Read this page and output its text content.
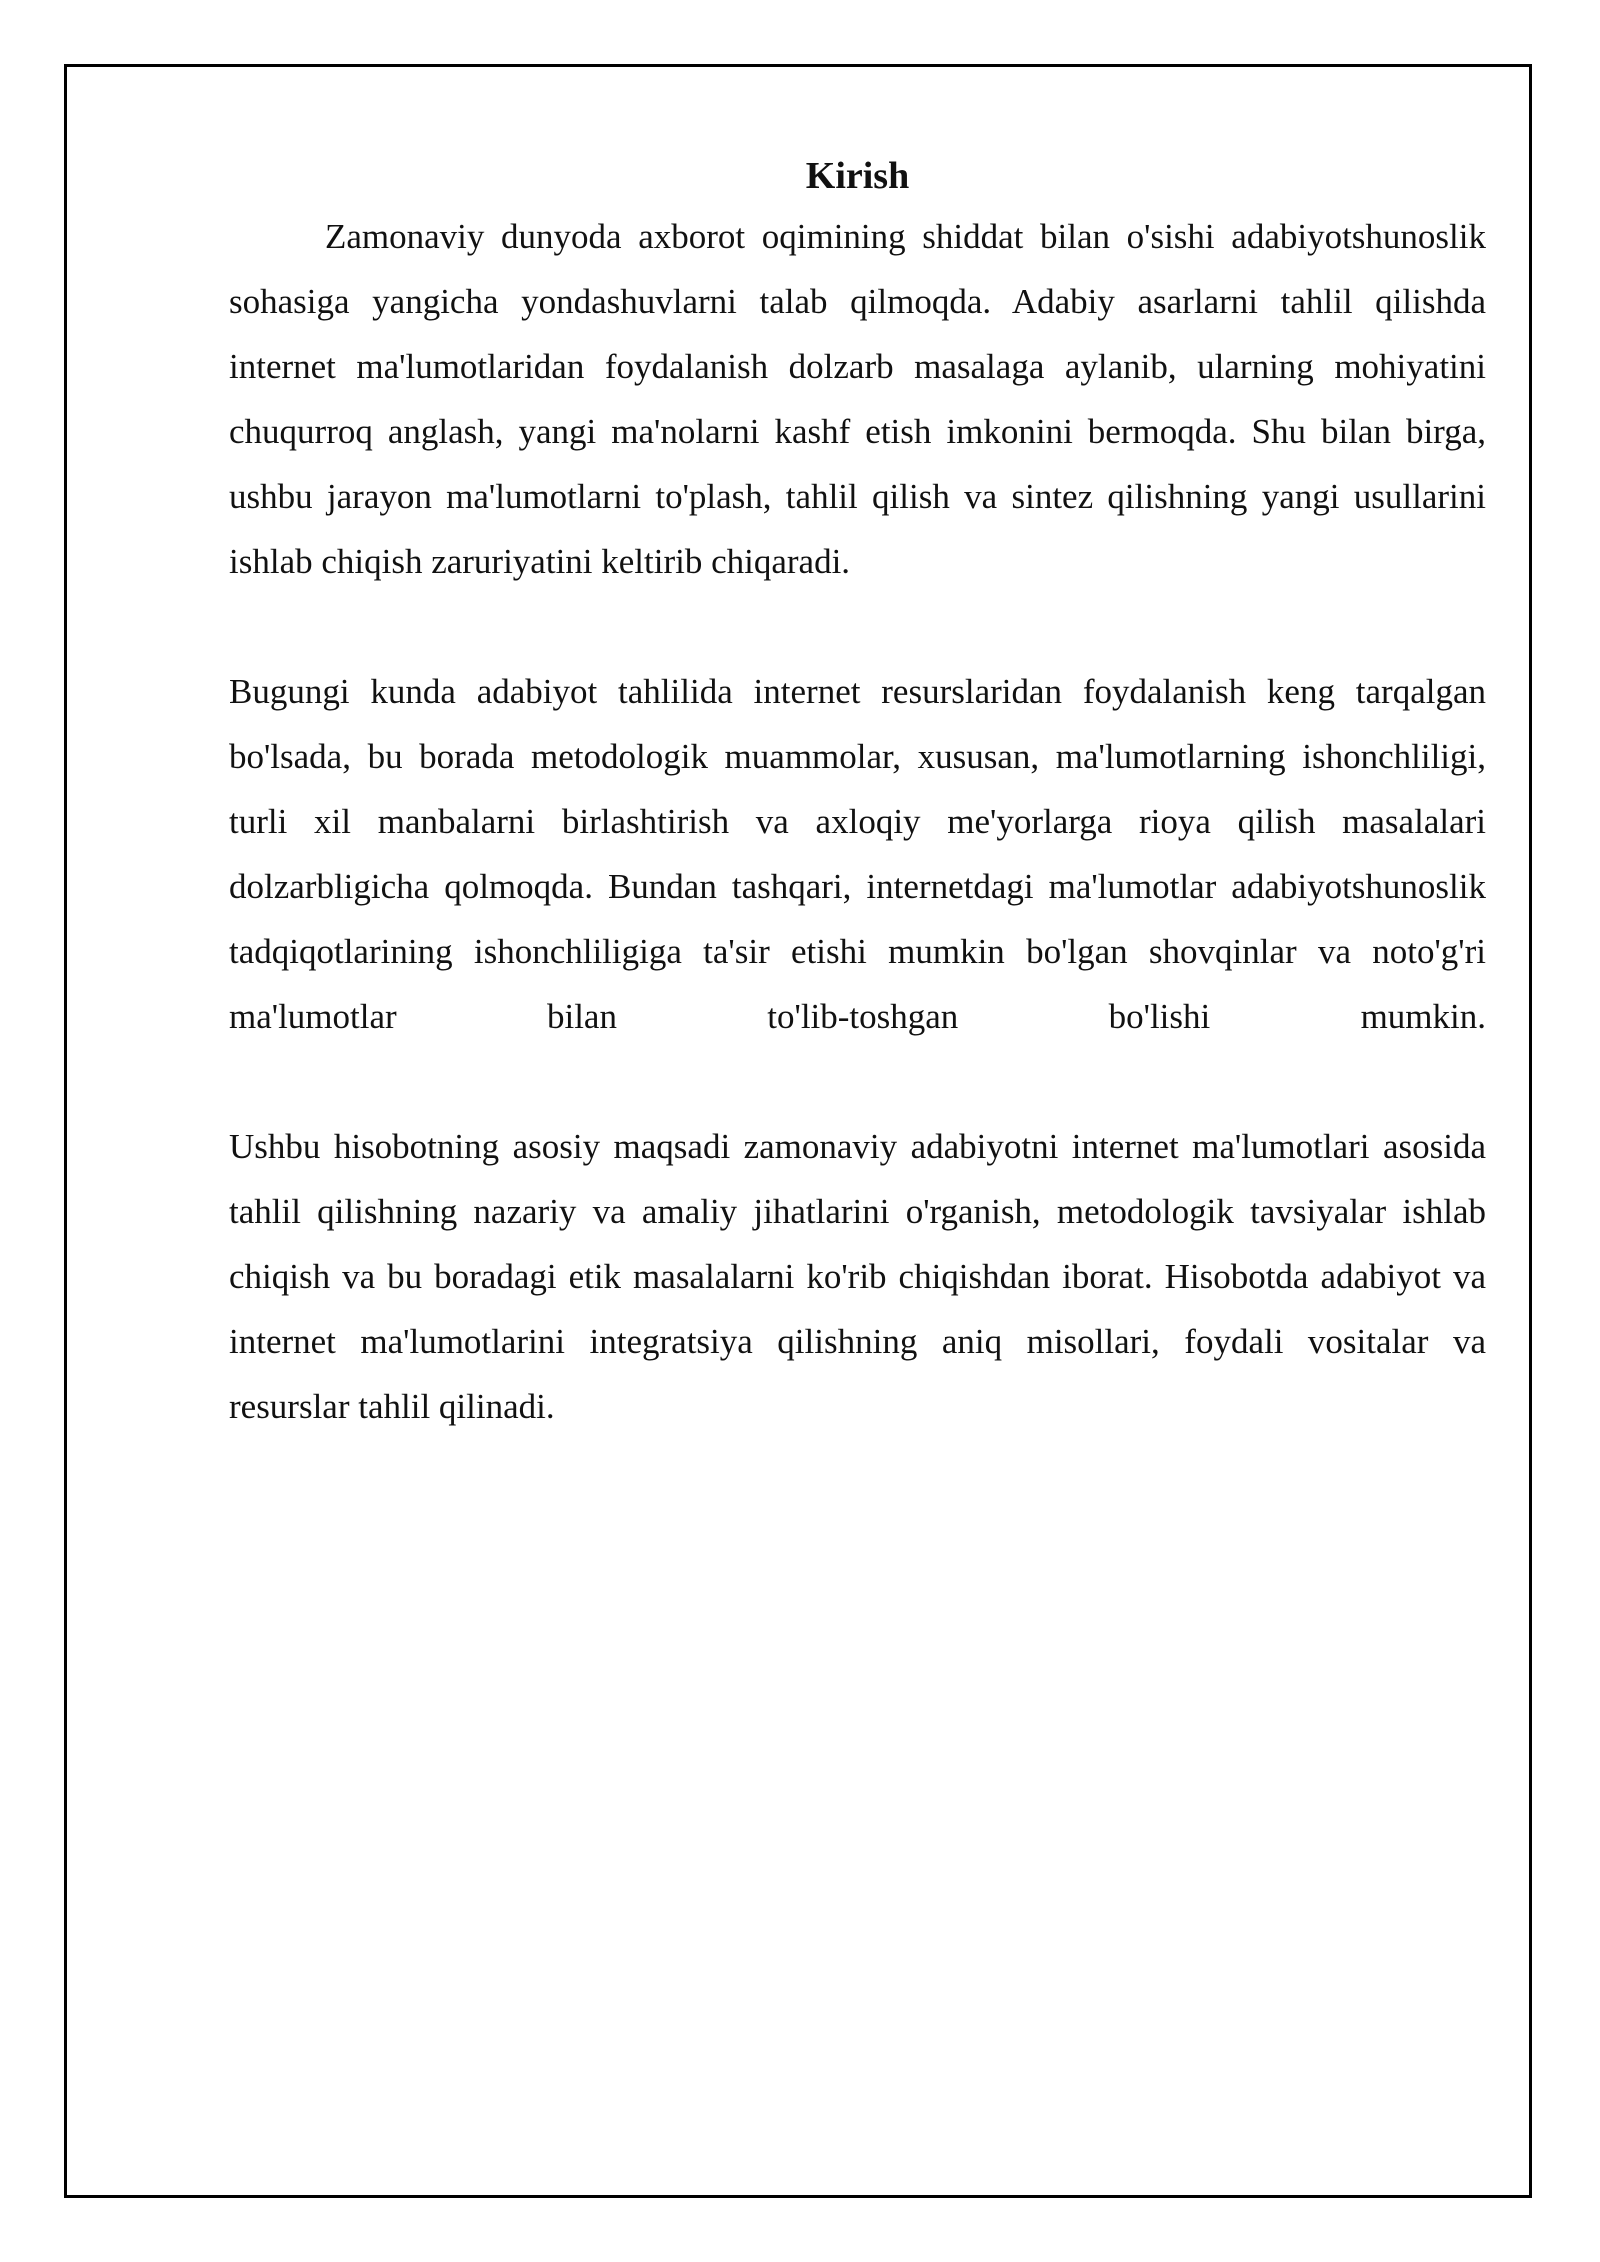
Kirish

Zamonaviy dunyoda axborot oqimining shiddat bilan o'sishi adabiyotshunoslik sohasiga yangicha yondashuvlarni talab qilmoqda. Adabiy asarlarni tahlil qilishda internet ma'lumotlaridan foydalanish dolzarb masalaga aylanib, ularning mohiyatini chuqurroq anglash, yangi ma'nolarni kashf etish imkonini bermoqda. Shu bilan birga, ushbu jarayon ma'lumotlarni to'plash, tahlil qilish va sintez qilishning yangi usullarini ishlab chiqish zaruriyatini keltirib chiqaradi.

Bugungi kunda adabiyot tahlilida internet resurslaridan foydalanish keng tarqalgan bo'lsada, bu borada metodologik muammolar, xususan, ma'lumotlarning ishonchliligi, turli xil manbalarni birlashtirish va axloqiy me'yorlarga rioya qilish masalalari dolzarbligicha qolmoqda. Bundan tashqari, internetdagi ma'lumotlar adabiyotshunoslik tadqiqotlarining ishonchliligiga ta'sir etishi mumkin bo'lgan shovqinlar va noto'g'ri ma'lumotlar bilan to'lib-toshgan bo'lishi mumkin.

Ushbu hisobotning asosiy maqsadi zamonaviy adabiyotni internet ma'lumotlari asosida tahlil qilishning nazariy va amaliy jihatlarini o'rganish, metodologik tavsiyalar ishlab chiqish va bu boradagi etik masalalarni ko'rib chiqishdan iborat. Hisobotda adabiyot va internet ma'lumotlarini integratsiya qilishning aniq misollari, foydali vositalar va resurslar tahlil qilinadi.
